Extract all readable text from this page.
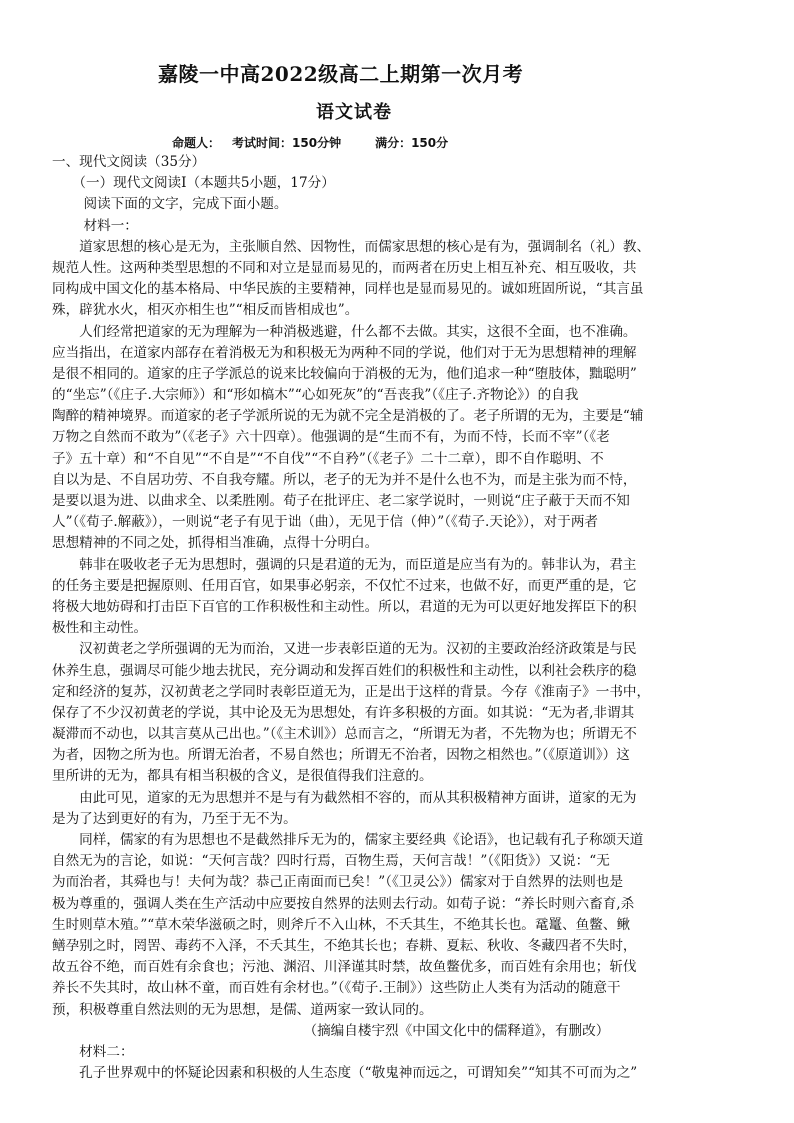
嘉陵一中高2022级高二上期第一次月考
语文试卷
命题人： 考试时间：150分钟	满分：150分
一、现代文阅读（35分）
　　（一）现代文阅读Ⅰ（本题共5小题，17分）
　　 阅读下面的文字，完成下面小题。
　　 材料一：
　　道家思想的核心是无为，主张顺自然、因物性，而儒家思想的核心是有为，强调制名（礼）教、
规范人性。这两种类型思想的不同和对立是显而易见的，而两者在历史上相互补充、相互吸收，共
同构成中国文化的基本格局、中华民族的主要精神，同样也是显而易见的。诚如班固所说，“其言虽
殊，辟犹水火，相灭亦相生也”“相反而皆相成也”。
　　人们经常把道家的无为理解为一种消极逃避，什么都不去做。其实，这很不全面，也不准确。
应当指出，在道家内部存在着消极无为和积极无为两种不同的学说，他们对于无为思想精神的理解
是很不相同的。道家的庄子学派总的说来比较偏向于消极的无为，他们追求一种“堕肢体，黜聪明”
的“坐忘”（《庄子.大宗师》）和“形如槁木”“心如死灰”的“吾丧我”（《庄子.齐物论》）的自我
陶醉的精神境界。而道家的老子学派所说的无为就不完全是消极的了。老子所谓的无为，主要是“辅
万物之自然而不敢为”（《老子》六十四章）。他强调的是“生而不有，为而不恃，长而不宰”（《老
子》五十章）和“不自见”“不自是”“不自伐”“不自矜”（《老子》二十二章），即不自作聪明、不
自以为是、不自居功劳、不自我夸耀。所以，老子的无为并不是什么也不为，而是主张为而不恃，
是要以退为进、以曲求全、以柔胜刚。荀子在批评庄、老二家学说时，一则说“庄子蔽于天而不知
人”（《荀子.解蔽》），一则说“老子有见于诎（曲），无见于信（伸）”（《荀子.天论》），对于两者
思想精神的不同之处，抓得相当准确，点得十分明白。
　　韩非在吸收老子无为思想时，强调的只是君道的无为，而臣道是应当有为的。韩非认为，君主
的任务主要是把握原则、任用百官，如果事必躬亲，不仅忙不过来，也做不好，而更严重的是，它
将极大地妨碍和打击臣下百官的工作积极性和主动性。所以，君道的无为可以更好地发挥臣下的积
极性和主动性。
　　汉初黄老之学所强调的无为而治，又进一步表彰臣道的无为。汉初的主要政治经济政策是与民
休养生息，强调尽可能少地去扰民，充分调动和发挥百姓们的积极性和主动性，以利社会秩序的稳
定和经济的复苏，汉初黄老之学同时表彰臣道无为，正是出于这样的背景。今存《淮南子》一书中，
保存了不少汉初黄老的学说，其中论及无为思想处，有许多积极的方面。如其说：“无为者,非谓其
凝滞而不动也，以其言莫从己出也。”（《主术训》）总而言之，“所谓无为者，不先物为也；所谓无不
为者，因物之所为也。所谓无治者，不易自然也；所谓无不治者，因物之相然也。”（《原道训》）这
里所讲的无为，都具有相当积极的含义，是很值得我们注意的。
　　由此可见，道家的无为思想并不是与有为截然相不容的，而从其积极精神方面讲，道家的无为
是为了达到更好的有为，乃至于无不为。
　　同样，儒家的有为思想也不是截然排斥无为的，儒家主要经典《论语》，也记载有孔子称颂天道
自然无为的言论，如说：“天何言哉？四时行焉，百物生焉，天何言哉！”（《阳货》）又说：“无
为而治者，其舜也与！夫何为哉？恭己正南面而已矣！”（《卫灵公》）儒家对于自然界的法则也是
极为尊重的，强调人类在生产活动中应要按自然界的法则去行动。如荀子说：“养长时则六畜育,杀
生时则草木殖。”“草木荣华滋硕之时，则斧斤不入山林，不夭其生，不绝其长也。鼋鼍、鱼鳖、鳅
鳝孕别之时，罔罟、毒药不入泽，不夭其生，不绝其长也；春耕、夏耘、秋收、冬藏四者不失时，
故五谷不绝，而百姓有余食也；污池、渊沼、川泽谨其时禁，故鱼鳖优多，而百姓有余用也；斩伐
养长不失其时，故山林不童，而百姓有余材也。”（《荀子.王制》）这些防止人类有为活动的随意干
预，积极尊重自然法则的无为思想，是儒、道两家一致认同的。
　　　　　　　　　　　　　　　　　　　（摘编自楼宇烈《中国文化中的儒释道》，有删改）
　　材料二：
　　孔子世界观中的怀疑论因素和积极的人生态度（“敬鬼神而远之，可谓知矣”“知其不可而为之”
